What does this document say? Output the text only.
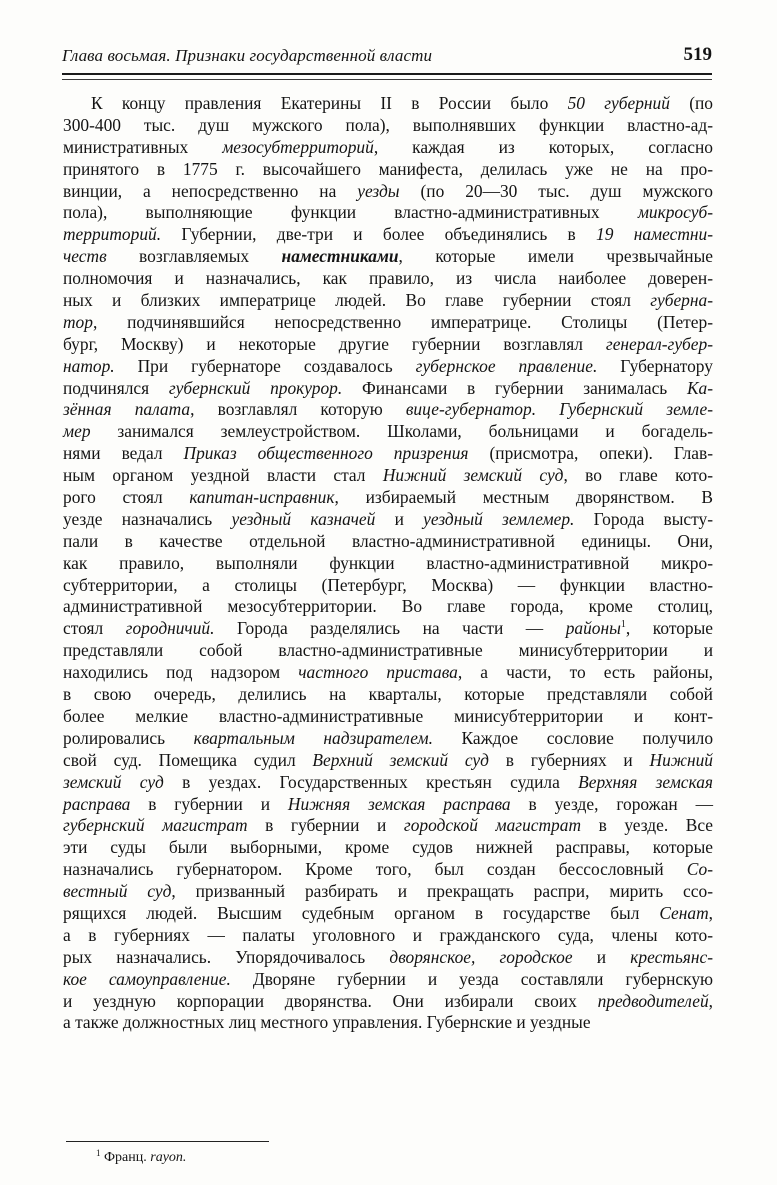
Глава восьмая. Признаки государственной власти	519
К концу правления Екатерины II в России было 50 губерний (по
300-400 тыс. душ мужского пола), выполнявших функции властно-ад-
министративных мезосубтерриторий, каждая из которых, согласно
принятого в 1775 г. высочайшего манифеста, делилась уже не на про-
винции, а непосредственно на уезды (по 20—30 тыс. душ мужского
пола), выполняющие функции властно-административных микросуб-
территорий. Губернии, две-три и более объединялись в 19 наместни-
честв возглавляемых наместниками, которые имели чрезвычайные
полномочия и назначались, как правило, из числа наиболее доверен-
ных и близких императрице людей. Во главе губернии стоял губерна-
тор, подчинявшийся непосредственно императрице. Столицы (Петер-
бург, Москву) и некоторые другие губернии возглавлял генерал-губер-
натор. При губернаторе создавалось губернское правление. Губернатору
подчинялся губернский прокурор. Финансами в губернии занималась Ка-
зённая палата, возглавлял которую вице-губернатор. Губернский земле-
мер занимался землеустройством. Школами, больницами и богадель-
нями ведал Приказ общественного призрения (присмотра, опеки). Глав-
ным органом уездной власти стал Нижний земский суд, во главе кото-
рого стоял капитан-исправник, избираемый местным дворянством. В
уезде назначались уездный казначей и уездный землемер. Города высту-
пали в качестве отдельной властно-административной единицы. Они,
как правило, выполняли функции властно-административной микро-
субтерритории, а столицы (Петербург, Москва) — функции властно-
административной мезосубтерритории. Во главе города, кроме столиц,
стоял городничий. Города разделялись на части — районы$^1$, которые
представляли собой властно-административные минисубтерритории и
находились под надзором частного пристава, а части, то есть районы,
в свою очередь, делились на кварталы, которые представляли собой
более мелкие властно-административные минисубтерритории и конт-
ролировались квартальным надзирателем. Каждое сословие получило
свой суд. Помещика судил Верхний земский суд в губерниях и Нижний
земский суд в уездах. Государственных крестьян судила Верхняя земская
расправа в губернии и Нижняя земская расправа в уезде, горожан —
губернский магистрат в губернии и городской магистрат в уезде. Все
эти суды были выборными, кроме судов нижней расправы, которые
назначались губернатором. Кроме того, был создан бессословный Со-
вестный суд, призванный разбирать и прекращать распри, мирить ссо-
рящихся людей. Высшим судебным органом в государстве был Сенат,
а в губерниях — палаты уголовного и гражданского суда, члены кото-
рых назначались. Упорядочивалось дворянское, городское и крестьянс-
кое самоуправление. Дворяне губернии и уезда составляли губернскую
и уездную корпорации дворянства. Они избирали своих предводителей,
а также должностных лиц местного управления. Губернские и уездные
$^1$ Франц. rayon.
